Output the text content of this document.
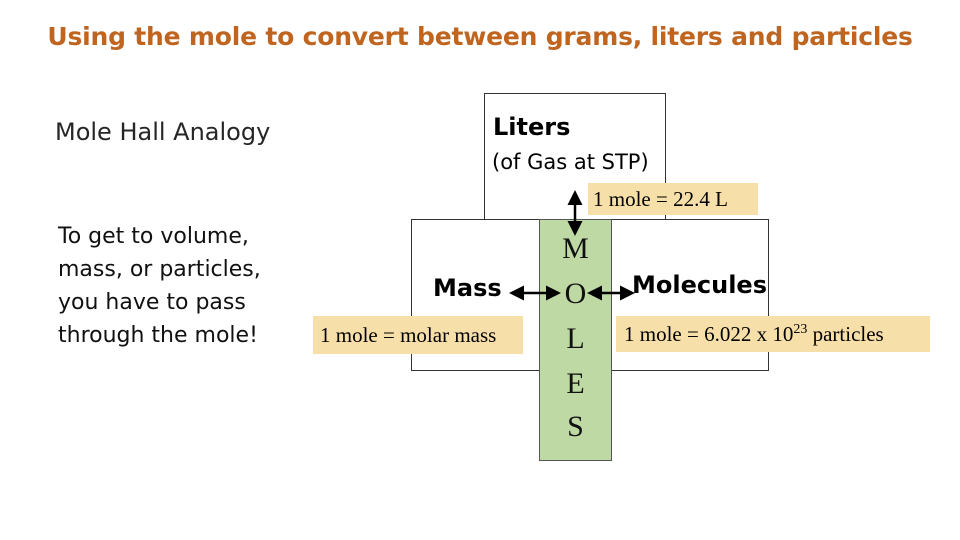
Using the mole to convert between grams, liters and particles
Mole Hall Analogy
To get to volume, mass, or particles, you have to pass through the mole!
M
O
L
E
S
Liters
(of Gas at STP)
Mass	Molecules
1 mole = 22.4 L
1 mole = molar mass	1 mole = 6.022 x $10^{23}$ particles
